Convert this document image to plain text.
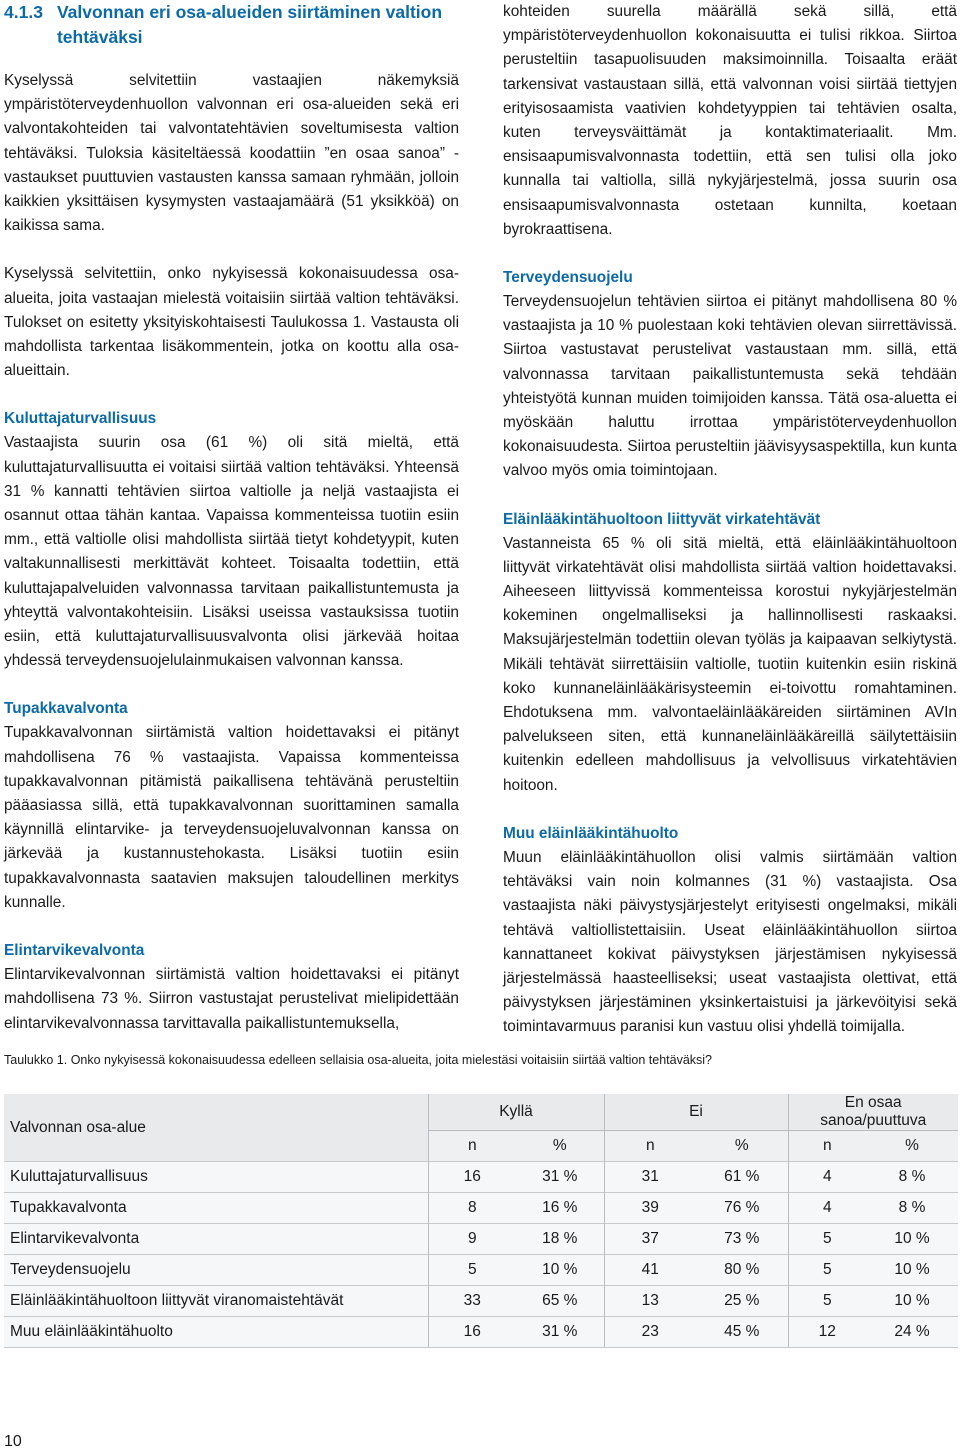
4.1.3 Valvonnan eri osa-alueiden siirtäminen valtion tehtäväksi

Kyselyssä selvitettiin vastaajien näkemyksiä ympäristöterveydenhuollon valvonnan eri osa-alueiden sekä eri valvontakohteiden tai valvontatehtävien soveltumisesta valtion tehtäväksi. Tuloksia käsiteltäessä koodattiin ”en osaa sanoa” -vastaukset puuttuvien vastausten kanssa samaan ryhmään, jolloin kaikkien yksittäisen kysymysten vastaajamäärä (51 yksikköä) on kaikissa sama.

Kyselyssä selvitettiin, onko nykyisessä kokonaisuudessa osa-alueita, joita vastaajan mielestä voitaisiin siirtää valtion tehtäväksi. Tulokset on esitetty yksityiskohtaisesti Taulukossa 1. Vastausta oli mahdollista tarkentaa lisäkommentein, jotka on koottu alla osa-alueittain.

Kuluttajaturvallisuus

Vastaajista suurin osa (61 %) oli sitä mieltä, että kuluttajaturvallisuutta ei voitaisi siirtää valtion tehtäväksi. Yhteensä 31 % kannatti tehtävien siirtoa valtiolle ja neljä vastaajista ei osannut ottaa tähän kantaa. Vapaissa kommenteissa tuotiin esiin mm., että valtiolle olisi mahdollista siirtää tietyt kohdetyypit, kuten valtakunnallisesti merkittävät kohteet. Toisaalta todettiin, että kuluttajapalveluiden valvonnassa tarvitaan paikallistuntemusta ja yhteyttä valvontakohteisiin. Lisäksi useissa vastauksissa tuotiin esiin, että kuluttajaturvallisuusvalvonta olisi järkevää hoitaa yhdessä terveydensuojelulainmukaisen valvonnan kanssa.

Tupakkavalvonta

Tupakkavalvonnan siirtämistä valtion hoidettavaksi ei pitänyt mahdollisena 76 % vastaajista. Vapaissa kommenteissa tupakkavalvonnan pitämistä paikallisena tehtävänä perusteltiin pääasiassa sillä, että tupakkavalvonnan suorittaminen samalla käynnillä elintarvike- ja terveydensuojeluvalvonnan kanssa on järkevää ja kustannustehokasta. Lisäksi tuotiin esiin tupakkavalvonnasta saatavien maksujen taloudellinen merkitys kunnalle.

Elintarvikevalvonta

Elintarvikevalvonnan siirtämistä valtion hoidettavaksi ei pitänyt mahdollisena 73 %. Siirron vastustajat perustelivat mielipidettään elintarvikevalvonnassa tarvittavalla paikallistuntemuksella,

kohteiden suurella määrällä sekä sillä, että ympäristöterveydenhuollon kokonaisuutta ei tulisi rikkoa. Siirtoa perusteltiin tasapuolisuuden maksimoinnilla. Toisaalta eräät tarkensivat vastaustaan sillä, että valvonnan voisi siirtää tiettyjen erityisosaamista vaativien kohdetyyppien tai tehtävien osalta, kuten terveysväittämät ja kontaktimateriaalit. Mm. ensisaapumisvalvonnasta todettiin, että sen tulisi olla joko kunnalla tai valtiolla, sillä nykyjärjestelmä, jossa suurin osa ensisaapumisvalvonnasta ostetaan kunnilta, koetaan byrokraattisena.

Terveydensuojelu

Terveydensuojelun tehtävien siirtoa ei pitänyt mahdollisena 80 % vastaajista ja 10 % puolestaan koki tehtävien olevan siirrettävissä. Siirtoa vastustavat perustelivat vastaustaan mm. sillä, että valvonnassa tarvitaan paikallistuntemusta sekä tehdään yhteistyötä kunnan muiden toimijoiden kanssa. Tätä osa-aluetta ei myöskään haluttu irrottaa ympäristöterveydenhuollon kokonaisuudesta. Siirtoa perusteltiin jäävisyysaspektilla, kun kunta valvoo myös omia toimintojaan.

Eläinlääkintähuoltoon liittyvät virkatehtävät

Vastanneista 65 % oli sitä mieltä, että eläinlääkintähuoltoon liittyvät virkatehtävät olisi mahdollista siirtää valtion hoidettavaksi. Aiheeseen liittyvissä kommenteissa korostui nykyjärjestelmän kokeminen ongelmalliseksi ja hallinnollisesti raskaaksi. Maksujärjestelmän todettiin olevan työläs ja kaipaavan selkiytystä. Mikäli tehtävät siirrettäisiin valtiolle, tuotiin kuitenkin esiin riskinä koko kunnaneläinlääkärisysteemin ei-toivottu romahtaminen. Ehdotuksena mm. valvontaeläinlääkäreiden siirtäminen AVIn palvelukseen siten, että kunnaneläinlääkäreillä säilytettäisiin kuitenkin edelleen mahdollisuus ja velvollisuus virkatehtävien hoitoon.

Muu eläinlääkintähuolto

Muun eläinlääkintähuollon olisi valmis siirtämään valtion tehtäväksi vain noin kolmannes (31 %) vastaajista. Osa vastaajista näki päivystysjärjestelyt erityisesti ongelmaksi, mikäli tehtävä valtiollistettaisiin. Useat eläinlääkintähuollon siirtoa kannattaneet kokivat päivystyksen järjestämisen nykyisessä järjestelmässä haasteelliseksi; useat vastaajista olettivat, että päivystyksen järjestäminen yksinkertaistuisi ja järkevöityisi sekä toimintavarmuus paranisi kun vastuu olisi yhdellä toimijalla.

Taulukko 1. Onko nykyisessä kokonaisuudessa edelleen sellaisia osa-alueita, joita mielestäsi voitaisiin siirtää valtion tehtäväksi?
Valvonnan osa-alue	Kyllä		Ei		En osaa sanoa/puuttuva	
	n	%	n	%	n	%
Kuluttajaturvallisuus	16	31 %	31	61 %	4	8 %
Tupakkavalvonta	8	16 %	39	76 %	4	8 %
Elintarvikevalvonta	9	18 %	37	73 %	5	10 %
Terveydensuojelu	5	10 %	41	80 %	5	10 %
Eläinlääkintähuoltoon liittyvät viranomaistehtävät	33	65 %	13	25 %	5	10 %
Muu eläinlääkintähuolto	16	31 %	23	45 %	12	24 %
10
